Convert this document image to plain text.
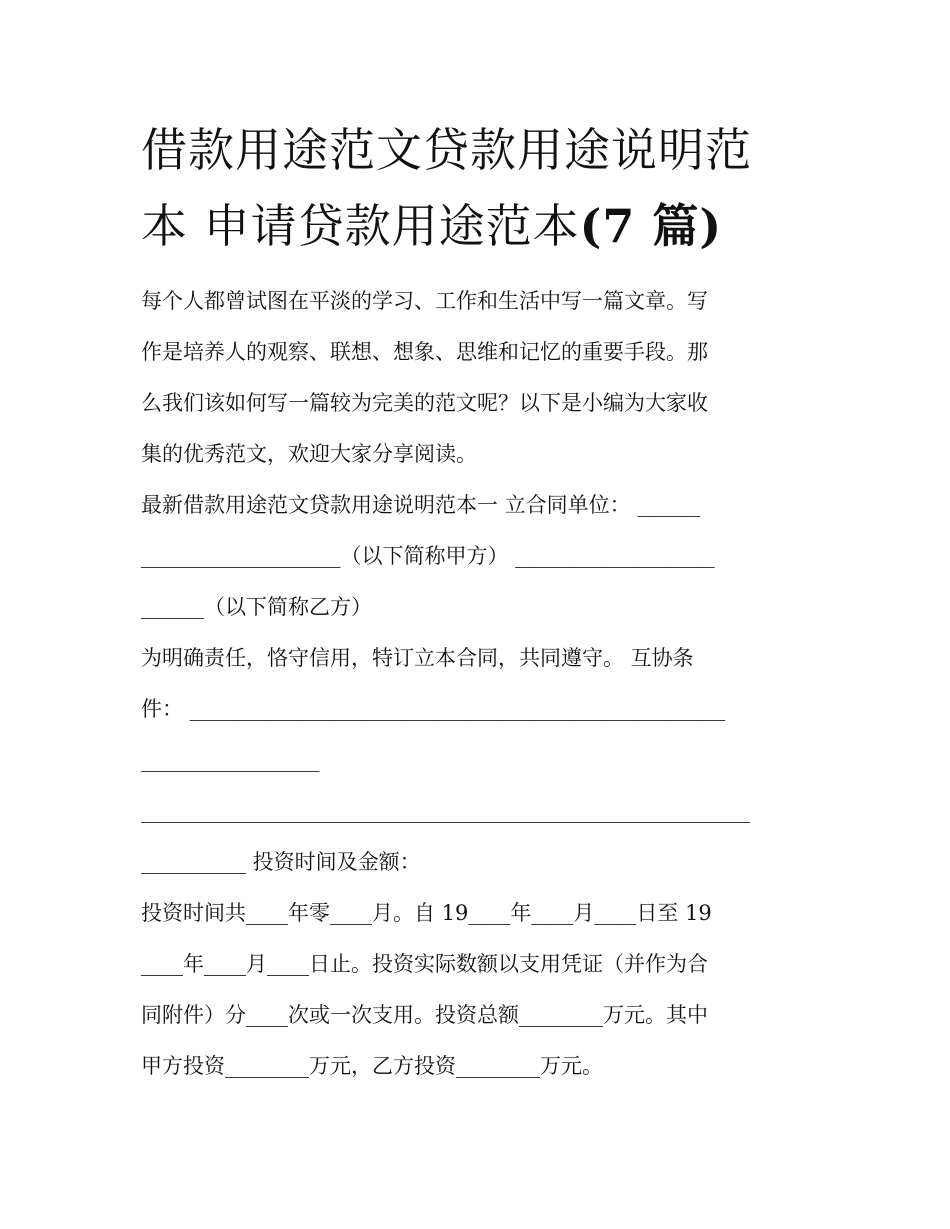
借款用途范文贷款用途说明范
本 申请贷款用途范本(7 篇)

每个人都曾试图在平淡的学习、工作和生活中写一篇文章。写

作是培养人的观察、联想、想象、思维和记忆的重要手段。那

么我们该如何写一篇较为完美的范文呢？以下是小编为大家收

集的优秀范文，欢迎大家分享阅读。

最新借款用途范文贷款用途说明范本一 立合同单位： ______

___________________（以下简称甲方） ___________________

______（以下简称乙方）

为明确责任，恪守信用，特订立本合同，共同遵守。 互协条

件： ___________________________________________________

_________________

__________________________________________________________

__________ 投资时间及金额：

投资时间共____年零____月。自 19____年____月____日至 19

____年____月____日止。投资实际数额以支用凭证（并作为合

同附件）分____次或一次支用。投资总额________万元。其中

甲方投资________万元，乙方投资________万元。
